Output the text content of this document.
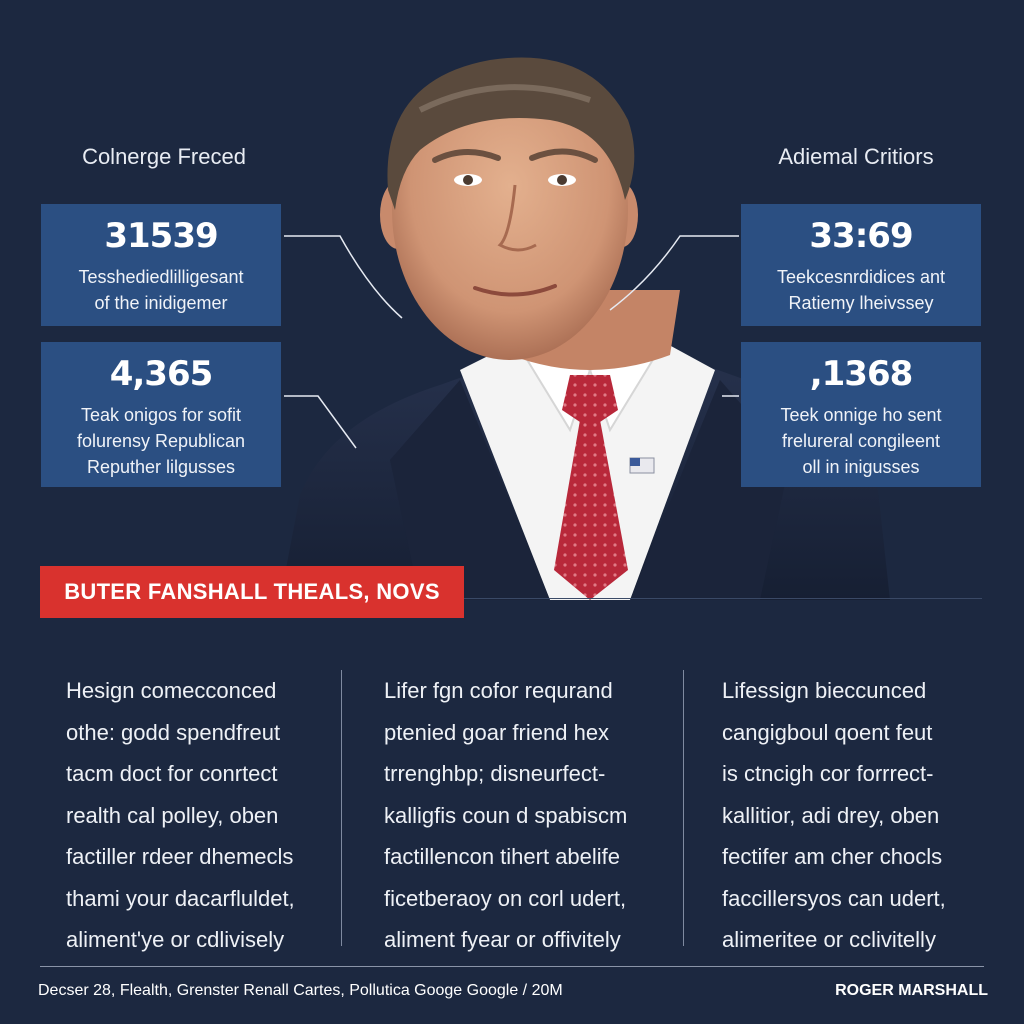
Colnerge Freced	Adiemal Critiors
31539
Tesshediedlilligesant
of the inidigemer
4,365
Teak onigos for sofit
folurensy Republican
Reputher lilgusses
33:69
Teekcesnrdidices ant
Ratiemy lheivssey
,1368
Teek onnige ho sent
frelureral congileent
oll in inigusses
BUTER FANSHALL THEALS, NOVS
Hesign comecconced
othe: godd spendfreut
tacm doct for conrtect
realth cal polley, oben
factiller rdeer dhemecls
thami your dacarfluldet,
aliment'ye or cdlivisely
Lifer fgn cofor requrand
ptenied goar friend hex
trrenghbp; disneurfect-
kalligfis coun d spabiscm
factillencon tihert abelife
ficetberaoy on corl udert,
aliment fyear or offivitely
Lifessign bieccunced
cangigboul qoent feut
is ctncigh cor forrrect-
kallitior, adi drey, oben
fectifer am cher chocls
faccillersyos can udert,
alimeritee or cclivitelly
Decser 28, Flealth, Grenster Renall Cartes, Pollutica Googe Google / 20M	ROGER MARSHALL
